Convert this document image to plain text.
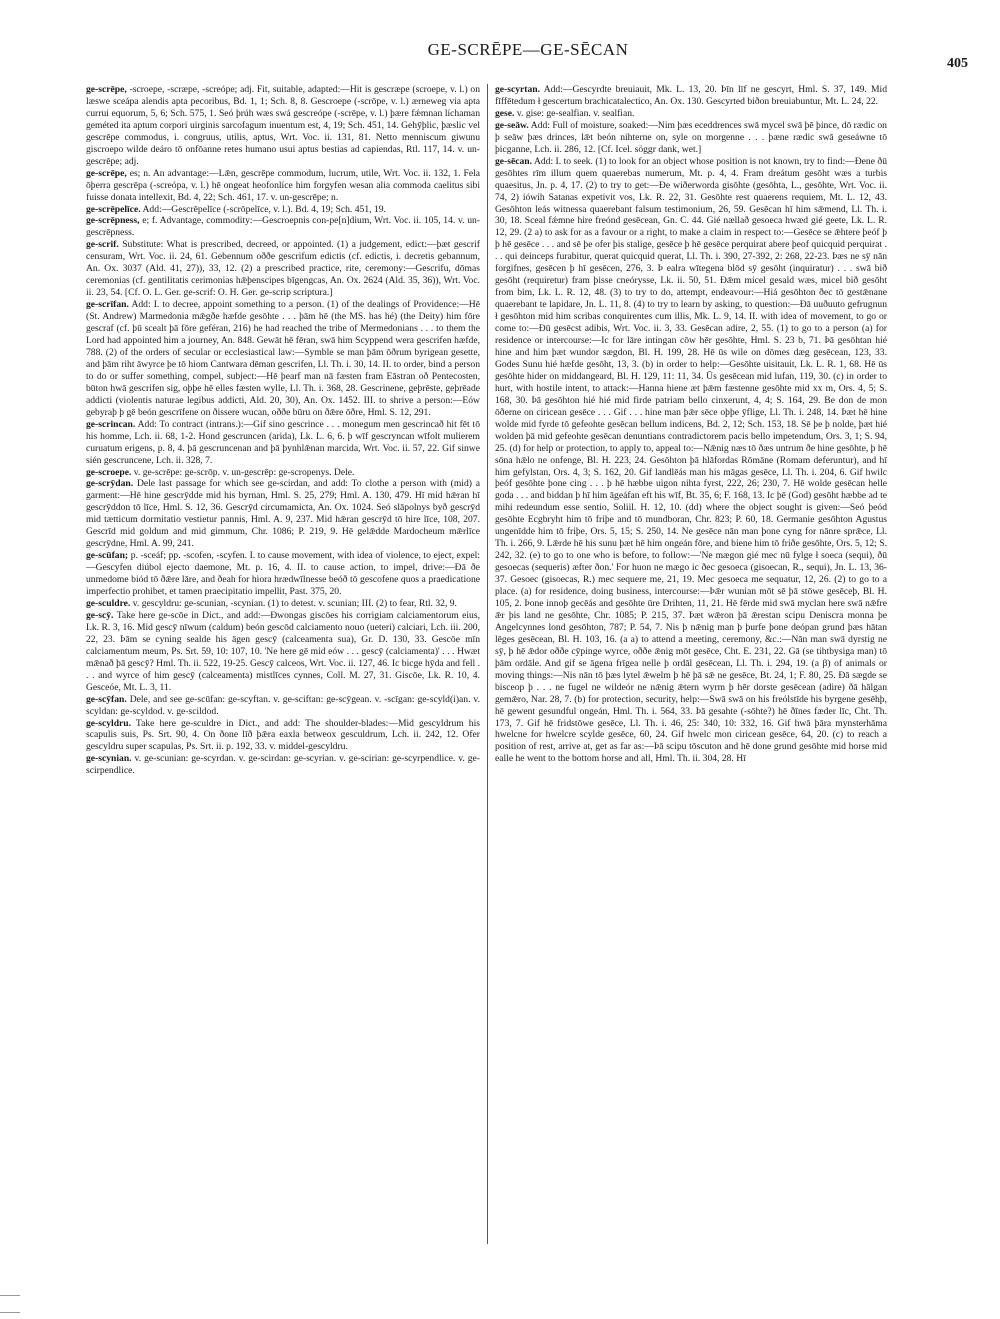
GE-SCRĒPE—GE-SĒCAN
405

ge-scrēpe, -scroepe, -scræpe, -screópe; adj. Fit, suitable, adapted:—Hit is gescræpe (scroepe, v. l.) on læswe sceápa alendis apta pecoribus, Bd. 1, 1; Sch. 8, 8. Gescroepe (-scrōpe, v. l.) ærneweg via apta currui equorum, 5, 6; Sch. 575, 1. Seó þrúh wæs swá gescreópe (-scrēpe, v. l.) þære fǽmnan líchaman geméted ita aptum corpori uirginis sarcofagum inuentum est, 4, 19; Sch. 451, 14. Gehȳþlic, þæslic vel gescrēpe commodus, i. congruus, utilis, aptus, Wrt. Voc. ii. 131, 81. Netto menniscum giwunu giscroepo wilde deáro tō onfōanne retes humano usui aptus bestias ad capiendas, Rtl. 117, 14. v. un-gescrēpe; adj.

ge-scrēpe, es; n. An advantage:—Lǣn, gescrēpe commodum, lucrum, utile, Wrt. Voc. ii. 132, 1. Fela ōþerra gescrēpa (-screópa, v. l.) hē ongeat heofonlíce him forgyfen wesan alia commoda caelitus sibi fuisse donata intellexit, Bd. 4, 22; Sch. 461, 17. v. un-gescrēpe; n.

ge-scrēpelīce. Add:—Gescrēpelīce (-scrōpelīce, v. l.). Bd. 4, 19; Sch. 451, 19.

ge-scrēpness, e; f. Advantage, commodity:—Gescroepnis con-pe[n]dium, Wrt. Voc. ii. 105, 14. v. un-gescrēpness.

ge-scrif. Substitute: What is prescribed, decreed, or appointed. (1) a judgement, edict:—þæt gescrif censuram, Wrt. Voc. ii. 24, 61. Gebennum oððe gescrifum edictis (cf. edictis, i. decretis gebannum, An. Ox. 3037 (Ald. 41, 27)), 33, 12. (2) a prescribed practice, rite, ceremony:—Gescrifu, dōmas ceremonias (cf. gentilitatis cerimonias hǣþenscipes bīgengcas, An. Ox. 2624 (Ald. 35, 36)), Wrt. Voc. ii. 23, 54. [Cf. O. L. Ger. ge-scrif: O. H. Ger. ge-scrip scriptura.]

ge-scrīfan. Add: I. to decree, appoint something to a person. (1) of the dealings of Providence:—Hē (St. Andrew) Marmedonia mǣgðe hæfde gesōhte . . . þām hē (the MS. has hé) (the Deity) him fōre gescraf (cf. þū scealt þā fōre geféran, 216) he had reached the tribe of Mermedonians . . . to them the Lord had appointed him a journey, An. 848. Gewāt hē fēran, swā him Scyppend wera gescrifen hæfde, 788. (2) of the orders of secular or ecclesiastical law:—Symble se man þām ōðrum byrigean gesette, and þām riht āwyrce þe tō hiom Cantwara dēman gescrifen, Ll. Th. i. 30, 14. II. to order, bind a person to do or suffer something, compel, subject:—Hē þearf man nā fæsten fram Eāstran oð Pentecosten, būton hwā gescrifen sig, oþþe hē elles fæsten wylle, Ll. Th. i. 368, 28. Gescrinene, geþrēste, geþrēade addicti (violentis naturae legibus addicti, Ald. 20, 30), An. Ox. 1452. III. to shrive a person:—Eów gebyraþ þ gē beón gescrīfene on ðissere wucan, oððe būru on ðǣre ōðre, Hml. S. 12, 291.

ge-scrincan. Add: To contract (intrans.):—Gif sino gescrince . . . monegum men gescrincað hit fēt tō his homme, Lch. ii. 68, 1-2. Hond gescruncen (arida), Lk. L. 6, 6. þ wīf gescryncan wīfolt mulierem curuatum erigens, p. 8, 4. þā gescruncenan and þā þynhlǣnan marcida, Wrt. Voc. ii. 57, 22. Gif sinwe sién gescruncene, Lch. ii. 328, 7.

ge-scroepe. v. ge-scrēpe: ge-scrōp. v. un-gescrēp: ge-scropenys. Dele.

ge-scrȳdan. Dele last passage for which see ge-scirdan, and add: To clothe a person with (mid) a garment:—Hē hine gescrȳdde mid his byrnan, Hml. S. 25, 279; Hml. A. 130, 479. Hī mid hǣran hī gescrȳddon tō līce, Hml. S. 12, 36. Gescrȳd circumamicta, An. Ox. 1024. Seó slāpolnys byð gescrȳd mid tætticum dormitatio vestietur pannis, Hml. A. 9, 237. Mid hǣran gescrȳd tō hire līce, 108, 207. Gescrīd mid goldum and mid gimmum, Chr. 1086; P. 219, 9. Hē gelǣdde Mardocheum mǣrlīce gescrȳdne, Hml. A. 99, 241.

ge-scūfan; p. -sceáf; pp. -scofen, -scyfen. I. to cause movement, with idea of violence, to eject, expel:—Gescyfen diúbol ejecto daemone, Mt. p. 16, 4. II. to cause action, to impel, drive:—Ðā ðe unmedome biód tō ðǣre lāre, and ðeah for hiora hrædwīlnesse beóð tō gescofene quos a praedicatione imperfectio prohibet, et tamen praecipitatio impellit, Past. 375, 20.

ge-sculdre. v. gescyldru: ge-scunian, -scynian. (1) to detest. v. scunian; III. (2) to fear, Rtl. 32, 9.

ge-scȳ. Take here ge-scōe in Dict., and add:—Ðwongas giscōes his corrigiam calciamentorum eius, Lk. R. 3, 16. Mid gescȳ nīwum (caldum) beón gescōd calciamento nouo (ueteri) calciari, Lch. iii. 200, 22, 23. Þām se cyning sealde his āgen gescȳ (calceamenta sua), Gr. D. 130, 33. Gescōe mīn calciamentum meum, Ps. Srt. 59, 10: 107, 10. 'Ne here gē mid eów . . . gescȳ (calciamenta)' . . . Hwæt mǣnað þā gescȳ? Hml. Th. ii. 522, 19-25. Gescȳ calceos, Wrt. Voc. ii. 127, 46. Ic bicge hȳda and fell . . . and wyrce of him gescȳ (calceamenta) mistlīces cynnes, Coll. M. 27, 31. Giscōe, Lk. R. 10, 4. Gesceóe, Mt. L. 3, 11.

ge-scȳfan. Dele, and see ge-scūfan: ge-scyftan. v. ge-sciftan: ge-scȳgean. v. -scīgan: ge-scyld(i)an. v. scyldan: ge-scyldod. v. ge-scildod.

ge-scyldru. Take here ge-sculdre in Dict., and add: The shoulder-blades:—Mid gescyldrum his scapulis suis, Ps. Srt. 90, 4. On ðone līð þǣra eaxla betweox gesculdrum, Lch. ii. 242, 12. Ofer gescyldru super scapulas, Ps. Srt. ii. p. 192, 33. v. middel-gescyldru.

ge-scynian. v. ge-scunian: ge-scyrdan. v. ge-scirdan: ge-scyrian. v. ge-scirian: ge-scyrpendlice. v. ge-scirpendlice.

ge-scyrtan. Add:—Gescyrdte breuiauit, Mk. L. 13, 20. Þīn līf ne gescyrt, Hml. S. 37, 149. Mid fīffētedum ł gescertum brachicatalectico, An. Ox. 130. Gescyrted biðon breuiabuntur, Mt. L. 24, 22.

gese. v. gise: ge-sealfian. v. sealfian.

ge-seāw. Add: Full of moisture, soaked:—Nim þæs eceddrences swā mycel swā þē þince, dō rædic on þ seāw þæs drinces, lǣt beón nihterne on, syle on morgenne . . . þæne rædic swā geseáwne tō þicganne, Lch. ii. 286, 12. [Cf. Icel. söggr dank, wet.]

ge-sēcan. Add: I. to seek. (1) to look for an object whose position is not known, try to find:—Ðene ðū gesōhtes rīm illum quem quaerebas numerum, Mt. p. 4, 4. Fram dreátum gesōht wæs a turbis quaesitus, Jn. p. 4, 17. (2) to try to get:—Ðe wiðerworda gisōhte (gesōhta, L., gesōhte, Wrt. Voc. ii. 74, 2) iówih Satanas expetivit vos, Lk. R. 22, 31. Gesōhte rest quaerens requiem, Mt. L. 12, 43. Gesōhton leás witnessa quaerebant falsum testimonium, 26, 59. Gesēcan hī him sǣmend, Ll. Th. i. 30, 18. Sceal fǽmne hire freónd gesēcean, Gn. C. 44. Gié nællað gesoeca hwæd gié geete, Lk. L. R. 12, 29. (2 a) to ask for as a favour or a right, to make a claim in respect to:—Gesēce se ǣhtere þeóf þ þ hē gesēce . . . and sē þe ofer þis stalige, gesēce þ hē gesēce perquirat abere þeof quicquid perquirat . . . qui deinceps furabitur, querat quicquid querat, Ll. Th. i. 390, 27-392, 2: 268, 22-23. Þæs ne sȳ nān forgifnes, gesēcen þ hī gesēcen, 276, 3. Þ ealra wītegena blōd sȳ gesōht (inquiratur) . . . swā bið gesōht (requiretur) fram þisse cneórysse, Lk. ii. 50, 51. Ðǣm micel gesald wæs, micel bið gesōht from bim, Lk. L. R. 12, 48. (3) to try to do, attempt, endeavour:—Hiá gesōhton ðec tō gestǣnane quaerebant te lapidare, Jn. L. 11, 8. (4) to try to learn by asking, to question:—Ðā uuðuuto gefrugnun ł gesōhton mid him scribas conquirentes cum illis, Mk. L. 9, 14. II. with idea of movement, to go or come to:—Ðū gesēcst adibis, Wrt. Voc. ii. 3, 33. Gesēcan adire, 2, 55. (1) to go to a person (a) for residence or intercourse:—Ic for lāre intingan cōw hēr gesōhte, Hml. S. 23 b, 71. Þā gesōhtan hié hine and him þæt wundor sægdon, Bl. H. 199, 28. Hē ūs wile on dōmes dæg gesēcean, 123, 33. Godes Sunu hié hæfde gesōht, 13, 3. (b) in order to help:—Gesōhte uisitauit, Lk. L. R. 1, 68. Hē ūs gesōhte hider on middangeard, Bl. H. 129, 11: 11, 34. Ūs gesēcean mid lufan, 119, 30. (c) in order to hurt, with hostile intent, to attack:—Hanna hiene æt þǣm fæstenne gesōhte mid xx m, Ors. 4, 5; S. 168, 30. Þā gesōhton hié hié mid firde patriam bello cinxerunt, 4, 4; S. 164, 29. Be don de mon ōðerne on ciricean gesēce . . . Gif . . . hine man þǣr sēce oþþe ȳflige, Ll. Th. i. 248, 14. Þæt hē hine wolde mid fyrde tō gefeohte gesēcan bellum indicens, Bd. 2, 12; Sch. 153, 18. Sē þe þ nolde, þæt hié wolden þā mid gefeohte gesēcan denuntians contradictorem pacis bello impetendum, Ors. 3, 1; S. 94, 25. (d) for help or protection, to apply to, appeal to:—Nǣnig næs tō ðæs untrum ðe hine gesōhte, þ hē sōna hǣlo ne onfenge, Bl. H. 223, 24. Gesōhton þā hlāfordas Rōmāne (Romam deferuntur), and hī him gefylstan, Ors. 4, 3; S. 162, 20. Gif landlēás man his māgas gesēce, Ll. Th. i. 204, 6. Gif hwilc þeóf gesōhte þone cing . . . þ hē hæbbe uigon nihta fyrst, 222, 26; 230, 7. Hē wolde gesēcan helle goda . . . and biddan þ hī him āgeáfan eft his wīf, Bt. 35, 6; F. 168, 13. Ic þē (God) gesōht hæbbe ad te mihi redeundum esse sentio, Soliil. H. 12, 10. (dd) where the object sought is given:—Seó þeód gesōhte Ecgbryht him tō friþe and tō mundboran, Chr. 823; P. 60, 18. Germanie gesōhton Agustus ungenīdde him tō friþe, Ors. 5, 15; S. 250, 14. Ne gesēce nān man þone cyng for nānre sprǣce, Ll. Th. i. 266, 9. Lǣrde hē his sunu þæt hē him ongeán fōre, and biene him tō friðe gesōhte, Ors. 5, 12; S. 242, 32. (e) to go to one who is before, to follow:—'Ne mægon gié mec nū fylge ł soeca (sequi), ðū gesoecas (sequeris) æfter ðon.' For huon ne mægo ic ðec gesoeca (gisoecan, R., sequi), Jn. L. 13, 36-37. Gesoec (gisoecas, R.) mec sequere me, 21, 19. Mec gesoeca me sequatur, 12, 26. (2) to go to a place. (a) for residence, doing business, intercourse:—Þǣr wunian mōt sē þā stōwe gesēceþ, Bl. H. 105, 2. Þone innoþ gecēás and gesōhte ūre Drihten, 11, 21. Hē fērde mid swā myclan here swā nǣfre ǣr þis land ne gesōhte, Chr. 1085; P. 215, 37. Þæt wǣron þā ǣrestan scipu Deniscra monna þe Angelcynnes lond gesōhton, 787; P. 54, 7. Nis þ nǣnig man þ þurfe þone deópan grund þæs hātan lēges gesēcean, Bl. H. 103, 16. (a a) to attend a meeting, ceremony, &c.:—Nān man swā dyrstig ne sȳ, þ hē ǣdor oððe cȳpinge wyrce, oððe ǣnig mōt gesēce, Cht. E. 231, 22. Gā (se tihtbysiga man) tō þām ordāle. And gif se āgena frīgea nelle þ ordāl gesēcean, Ll. Th. i. 294, 19. (a β) of animals or moving things:—Nis nān tō þæs lytel ǣwelm þ hē þā sǣ ne gesēce, Bt. 24, 1; F. 80, 25. Ðā sægde se bisceop þ . . . ne fugel ne wildeór ne nǣnig ǣtern wyrm þ hēr dorste gesēcean (adire) ðā hālgan gemǣro, Nar. 28, 7. (b) for protection, security, help:—Swā swā on his freólstīde his byrgene gesēhþ, hē gewent gesundful ongeán, Hml. Th. i. 564, 33. Þā gesahte (-sōhte?) hē ðīnes fæder līc, Cht. Th. 173, 7. Gif hē fridstōwe gesēce, Ll. Th. i. 46, 25: 340, 10: 332, 16. Gif hwā þāra mynsterhāma hwelcne for hwelcre scylde gesēce, 60, 24. Gif hwelc mon ciricean gesēce, 64, 20. (c) to reach a position of rest, arrive at, get as far as:—Þā scipu tōscuton and hē done grund gesōhte mid horse mid ealle he went to the bottom horse and all, Hml. Th. ii. 304, 28. Hī
